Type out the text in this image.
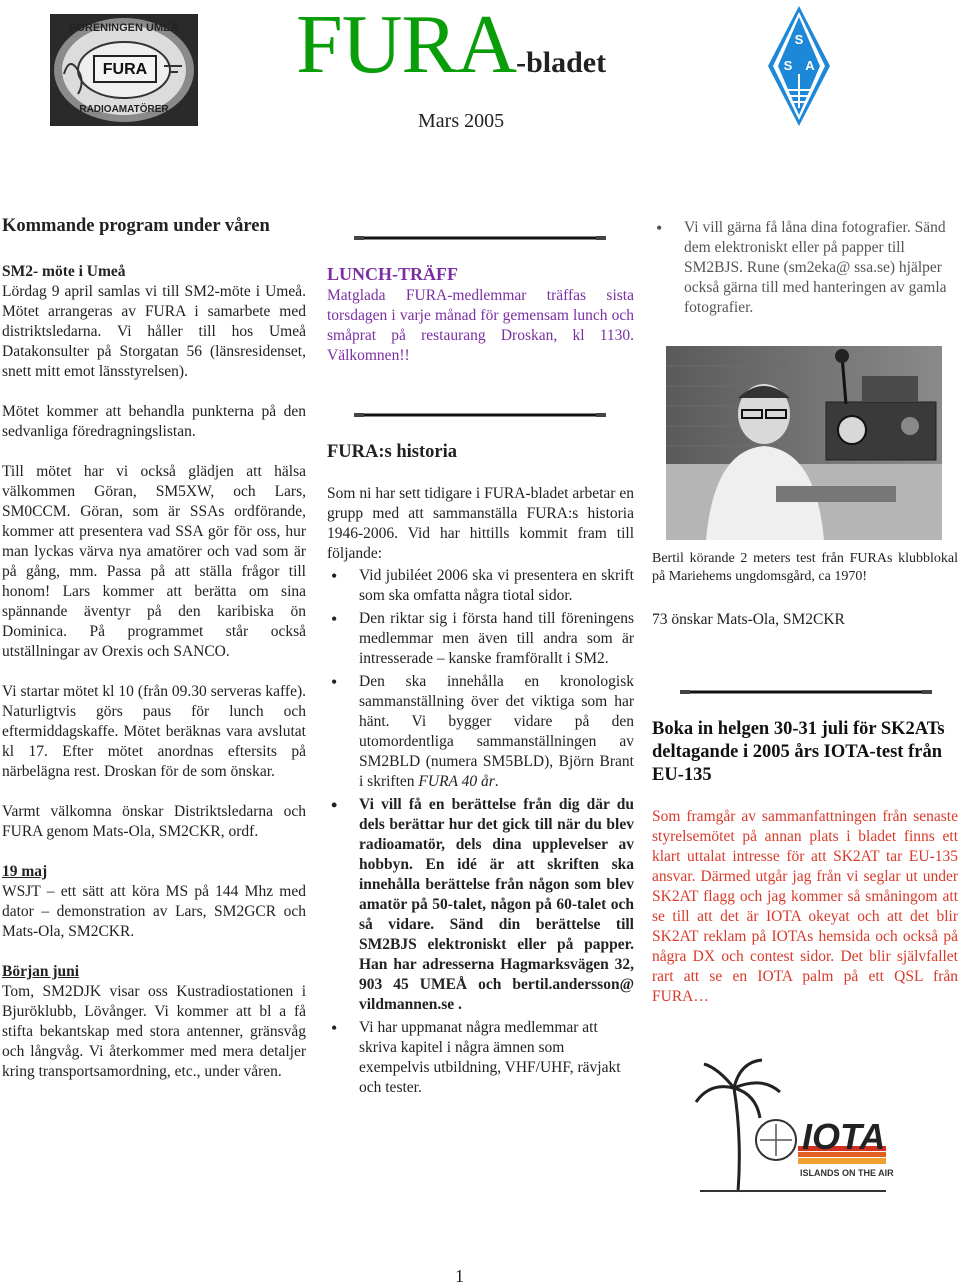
FÖRENINGEN UMEÅ
FURA
RADIOAMATÖRER
FURA-bladet
Mars 2005
S
S A
Kommande program under våren

SM2- möte i Umeå

Lördag 9 april samlas vi till SM2-möte i Umeå. Mötet arrangeras av FURA i samarbete med distriktsledarna. Vi håller till hos Umeå Datakonsulter på Storgatan 56 (länsresidenset, snett mitt emot länsstyrelsen).

Mötet kommer att behandla punkterna på den sedvanliga föredragningslistan.

Till mötet har vi också glädjen att hälsa välkommen Göran, SM5XW, och Lars, SM0CCM. Göran, som är SSAs ordförande, kommer att presentera vad SSA gör för oss, hur man lyckas värva nya amatörer och vad som är på gång, mm. Passa på att ställa frågor till honom! Lars kommer att berätta om sina spännande äventyr på den karibiska ön Dominica. På programmet står också utställningar av Orexis och SANCO.

Vi startar mötet kl 10 (från 09.30 serveras kaffe). Naturligtvis görs paus för lunch och eftermiddagskaffe. Mötet beräknas vara avslutat kl 17. Efter mötet anordnas eftersits på närbelägna rest. Droskan för de som önskar.

Varmt välkomna önskar Distriktsledarna och FURA genom Mats-Ola, SM2CKR, ordf.

19 maj

WSJT – ett sätt att köra MS på 144 Mhz med dator – demonstration av Lars, SM2GCR och Mats-Ola, SM2CKR.

Början juni

Tom, SM2DJK visar oss Kustradiostationen i Bjuröklubb, Lövånger. Vi kommer att bl a få stifta bekantskap med stora antenner, gränsvåg och långvåg. Vi återkommer med mera detaljer kring transportsamordning, etc., under våren.

LUNCH-TRÄFF

Matglada FURA-medlemmar träffas sista torsdagen i varje månad för gemensam lunch och småprat på restaurang Droskan, kl 1130. Välkomnen!!

FURA:s historia

Som ni har sett tidigare i FURA-bladet arbetar en grupp med att sammanställa FURA:s historia 1946-2006. Vid har hittills kommit fram till följande:

• Vid jubiléet 2006 ska vi presentera en skrift som ska omfatta några tiotal sidor.
• Den riktar sig i första hand till föreningens medlemmar men även till andra som är intresserade – kanske framförallt i SM2.
• Den ska innehålla en kronologisk sammanställning över det viktiga som har hänt. Vi bygger vidare på den utomordentliga sammanställningen av SM2BLD (numera SM5BLD), Björn Brant i skriften FURA 40 år.
• Vi vill få en berättelse från dig där du dels berättar hur det gick till när du blev radioamatör, dels dina upplevelser av hobbyn. En idé är att skriften ska innehålla berättelse från någon som blev amatör på 50-talet, någon på 60-talet och så vidare. Sänd din berättelse till SM2BJS elektroniskt eller på papper. Han har adresserna Hagmarksvägen 32, 903 45 UMEÅ och bertil.andersson@ vildmannen.se .
• Vi har uppmanat några medlemmar att skriva kapitel i några ämnen som exempelvis utbildning, VHF/UHF, rävjakt och tester.
• Vi vill gärna få låna dina fotografier. Sänd dem elektroniskt eller på papper till SM2BJS. Rune (sm2eka@ ssa.se) hjälper också gärna till med hanteringen av gamla fotografier.

Bertil körande 2 meters test från FURAs klubblokal på Mariehems ungdomsgård, ca 1970!

73 önskar Mats-Ola, SM2CKR

Boka in helgen 30-31 juli för SK2ATs deltagande i 2005 års IOTA-test från EU-135

Som framgår av sammanfattningen från senaste styrelsemötet på annan plats i bladet finns ett klart uttalat intresse för att SK2AT tar EU-135 ansvar. Därmed utgår jag från vi seglar ut under SK2AT flagg och jag kommer så småningom att se till att det är IOTA okeyat och att det blir SK2AT reklam på IOTAs hemsida och också på några DX och contest sidor. Det blir självfallet rart att se en IOTA palm på ett QSL från FURA…

IOTA
ISLANDS ON THE AIR
1
